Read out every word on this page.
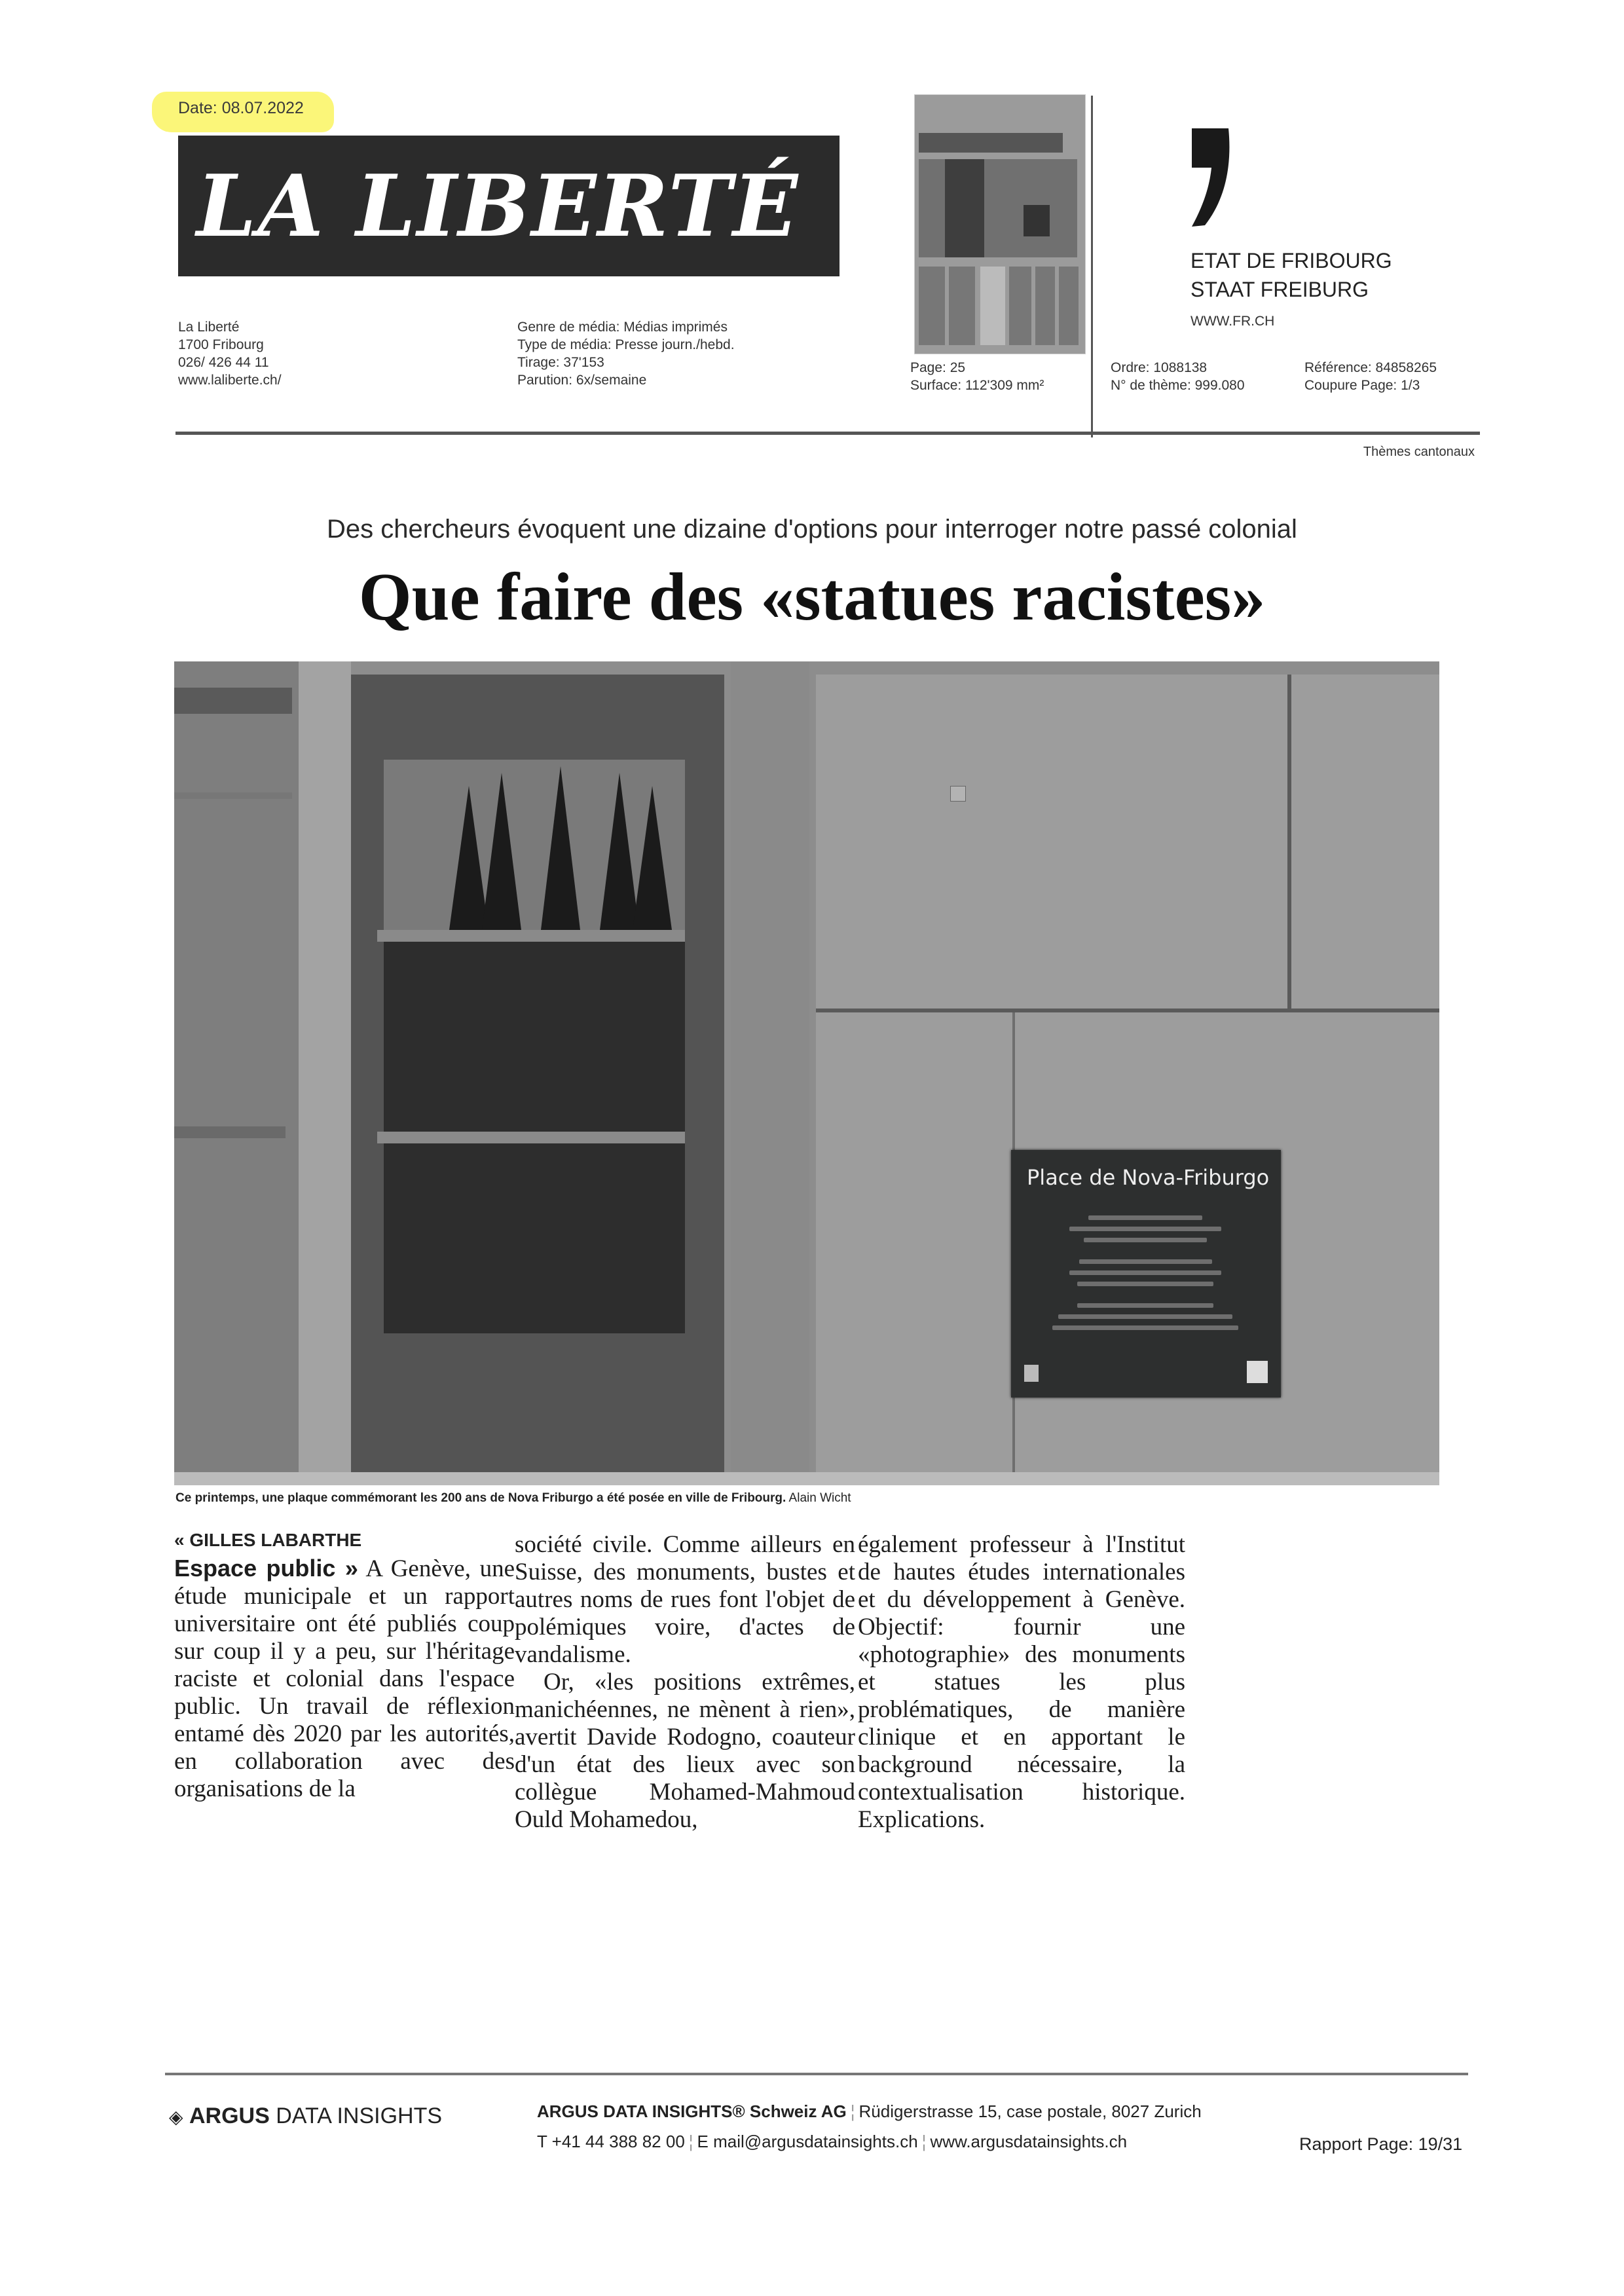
Date: 08.07.2022
LA LIBERTÉ
La Liberté
1700 Fribourg
026/ 426 44 11
www.laliberte.ch/
Genre de média: Médias imprimés
Type de média: Presse journ./hebd.
Tirage: 37'153
Parution: 6x/semaine
Page: 25
Surface: 112'309 mm²
ETAT DE FRIBOURG
STAAT FREIBURG
WWW.FR.CH
Ordre: 1088138
N° de thème: 999.080
Référence: 84858265
Coupure Page: 1/3
Thèmes cantonaux
Des chercheurs évoquent une dizaine d'options pour interroger notre passé colonial
Que faire des «statues racistes»
Place de Nova-Friburgo
Ce printemps, une plaque commémorant les 200 ans de Nova Friburgo a été posée en ville de Fribourg. Alain Wicht
« GILLES LABARTHE
Espace public » A Genève, une étude municipale et un rapport universitaire ont été publiés coup sur coup il y a peu, sur l'héritage raciste et colonial dans l'espace public. Un travail de réflexion entamé dès 2020 par les autorités, en collaboration avec des organisations de la
société civile. Comme ailleurs en Suisse, des monuments, bustes et autres noms de rues font l'objet de polémiques voire, d'actes de vandalisme.
Or, «les positions extrêmes, manichéennes, ne mènent à rien», avertit Davide Rodogno, coauteur d'un état des lieux avec son collègue Mohamed-Mahmoud Ould Mohamedou,
également professeur à l'Institut de hautes études internationales et du développement à Genève. Objectif: fournir une «photographie» des monuments et statues les plus problématiques, de manière clinique et en apportant le background nécessaire, la contextualisation historique. Explications.
◈ ARGUS DATA INSIGHTS	ARGUS DATA INSIGHTS® Schweiz AG ¦ Rüdigerstrasse 15, case postale, 8027 Zurich
T +41 44 388 82 00 ¦ E mail@argusdatainsights.ch ¦ www.argusdatainsights.ch	Rapport Page: 19/31
